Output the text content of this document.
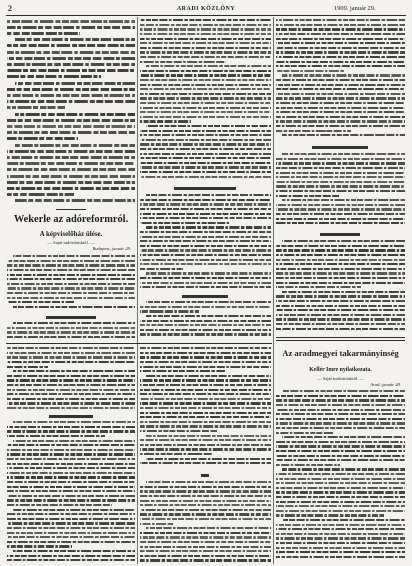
2	ARADI KÖZLÖNY	1909. január 29.
Wekerle az adóreformról.
A képviselőház ülése.
— Saját tudósítónktól. —
Budapest, január 28.
Az aradmegyei takarmányinség
Kellér Imre nyilatkozata.
— Saját tudósítónktól. —
Arad, január 28.
